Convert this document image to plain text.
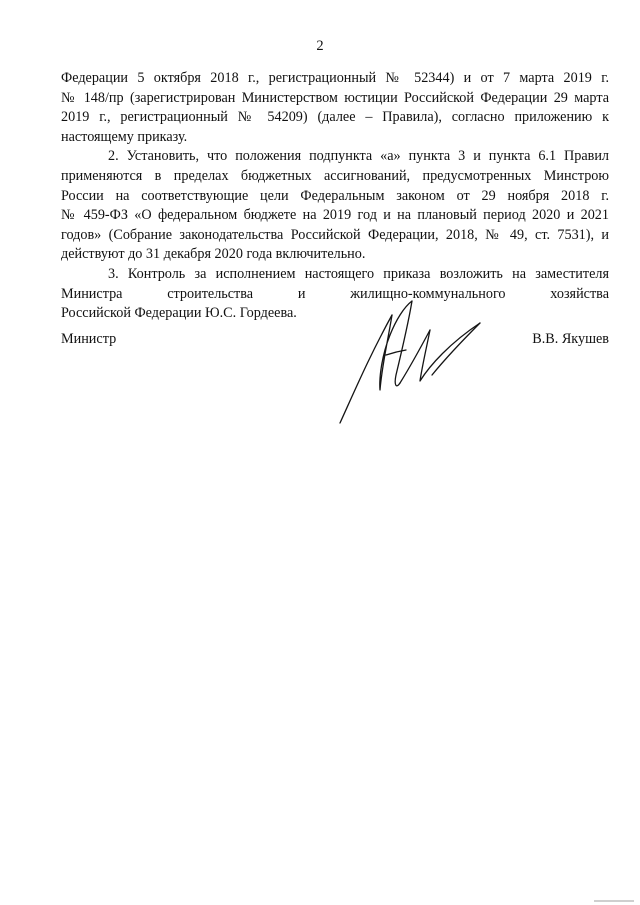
2

Федерации 5 октября 2018 г., регистрационный № 52344) и от 7 марта 2019 г.
№ 148/пр (зарегистрирован Министерством юстиции Российской Федерации 29 марта
2019 г., регистрационный № 54209) (далее – Правила), согласно приложению к
настоящему приказу.

2. Установить, что положения подпункта «а» пункта 3 и пункта 6.1 Правил
применяются в пределах бюджетных ассигнований, предусмотренных Минстрою
России на соответствующие цели Федеральным законом от 29 ноября 2018 г.
№ 459-ФЗ «О федеральном бюджете на 2019 год и на плановый период 2020 и 2021
годов» (Собрание законодательства Российской Федерации, 2018, № 49, ст. 7531), и
действуют до 31 декабря 2020 года включительно.

3. Контроль за исполнением настоящего приказа возложить на заместителя
Министра строительства и жилищно-коммунального хозяйства
Российской Федерации Ю.С. Гордеева.

Министр	В.В. Якушев
